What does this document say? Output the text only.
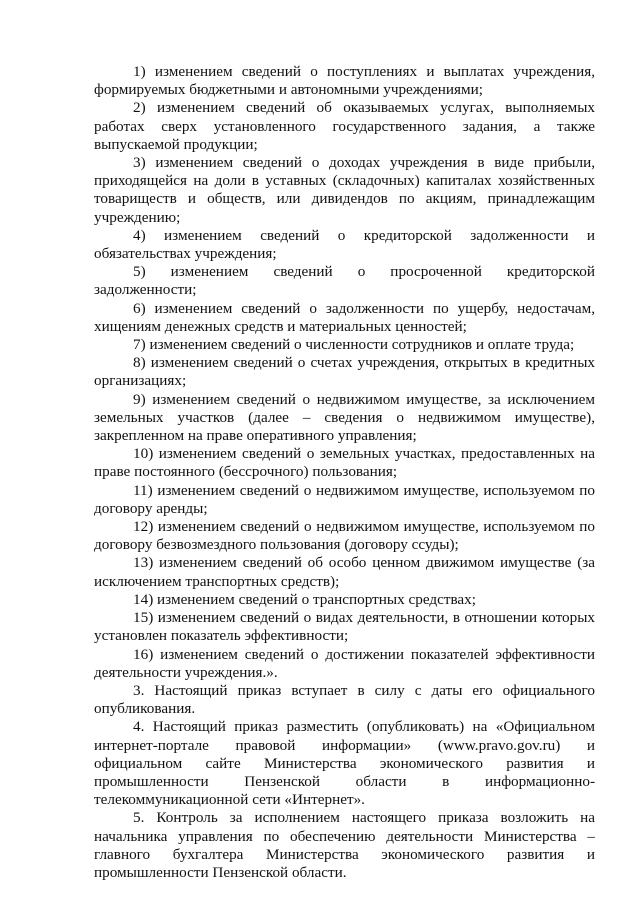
1) изменением сведений о поступлениях и выплатах учреждения, формируемых бюджетными и автономными учреждениями;

2) изменением сведений об оказываемых услугах, выполняемых работах сверх установленного государственного задания, а также выпускаемой продукции;

3) изменением сведений о доходах учреждения в виде прибыли, приходящейся на доли в уставных (складочных) капиталах хозяйственных товариществ и обществ, или дивидендов по акциям, принадлежащим учреждению;

4) изменением сведений о кредиторской задолженности и обязательствах учреждения;

5) изменением сведений о просроченной кредиторской задолженности;

6) изменением сведений о задолженности по ущербу, недостачам, хищениям денежных средств и материальных ценностей;

7) изменением сведений о численности сотрудников и оплате труда;

8) изменением сведений о счетах учреждения, открытых в кредитных организациях;

9) изменением сведений о недвижимом имуществе, за исключением земельных участков (далее – сведения о недвижимом имуществе), закрепленном на праве оперативного управления;

10) изменением сведений о земельных участках, предоставленных на праве постоянного (бессрочного) пользования;

11) изменением сведений о недвижимом имуществе, используемом по договору аренды;

12) изменением сведений о недвижимом имуществе, используемом по договору безвозмездного пользования (договору ссуды);

13) изменением сведений об особо ценном движимом имуществе (за исключением транспортных средств);

14) изменением сведений о транспортных средствах;

15) изменением сведений о видах деятельности, в отношении которых установлен показатель эффективности;

16) изменением сведений о достижении показателей эффективности деятельности учреждения.».

3. Настоящий приказ вступает в силу с даты его официального опубликования.

4. Настоящий приказ разместить (опубликовать) на «Официальном интернет-портале правовой информации» (www.pravo.gov.ru) и официальном сайте Министерства экономического развития и промышленности Пензенской области в информационно-телекоммуникационной сети «Интернет».

5. Контроль за исполнением настоящего приказа возложить на начальника управления по обеспечению деятельности Министерства – главного бухгалтера Министерства экономического развития и промышленности Пензенской области.
